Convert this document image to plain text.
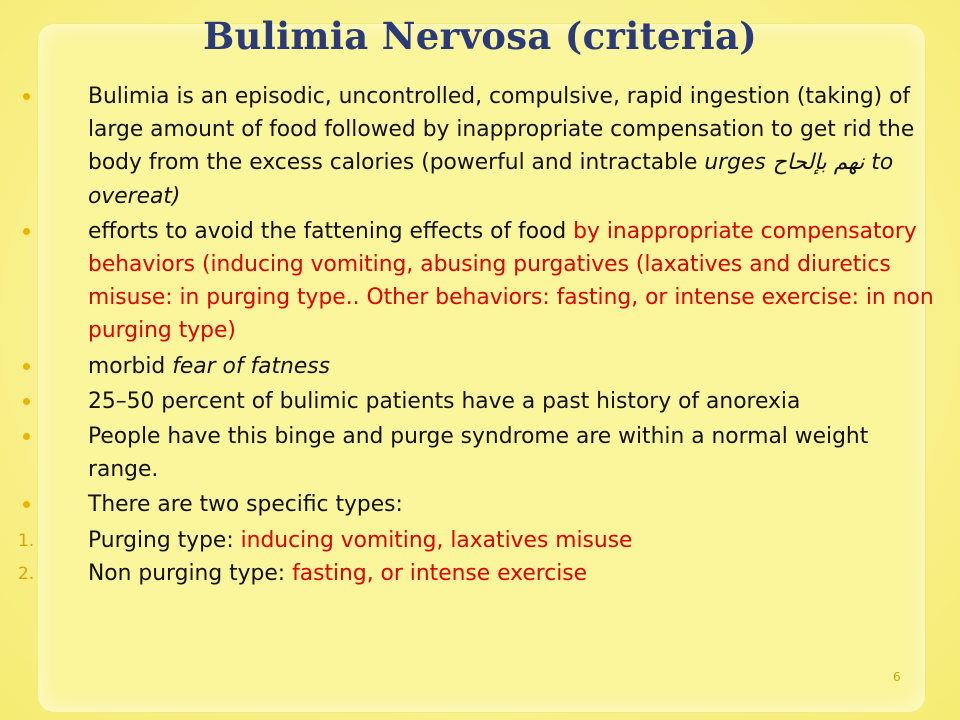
Bulimia Nervosa (criteria)
Bulimia is an episodic, uncontrolled, compulsive, rapid ingestion (taking) of large amount of food followed by inappropriate compensation to get rid the body from the excess calories (powerful and intractable urges نهم بإلحاح to overeat)
efforts to avoid the fattening effects of food by inappropriate compensatory behaviors (inducing vomiting, abusing purgatives (laxatives and diuretics misuse: in purging type.. Other behaviors: fasting, or intense exercise: in non purging type)
morbid fear of fatness
25–50 percent of bulimic patients have a past history of anorexia
People have this binge and purge syndrome are within a normal weight range.
There are two specific types:
1. Purging type: inducing vomiting, laxatives misuse
2. Non purging type: fasting, or intense exercise
6
